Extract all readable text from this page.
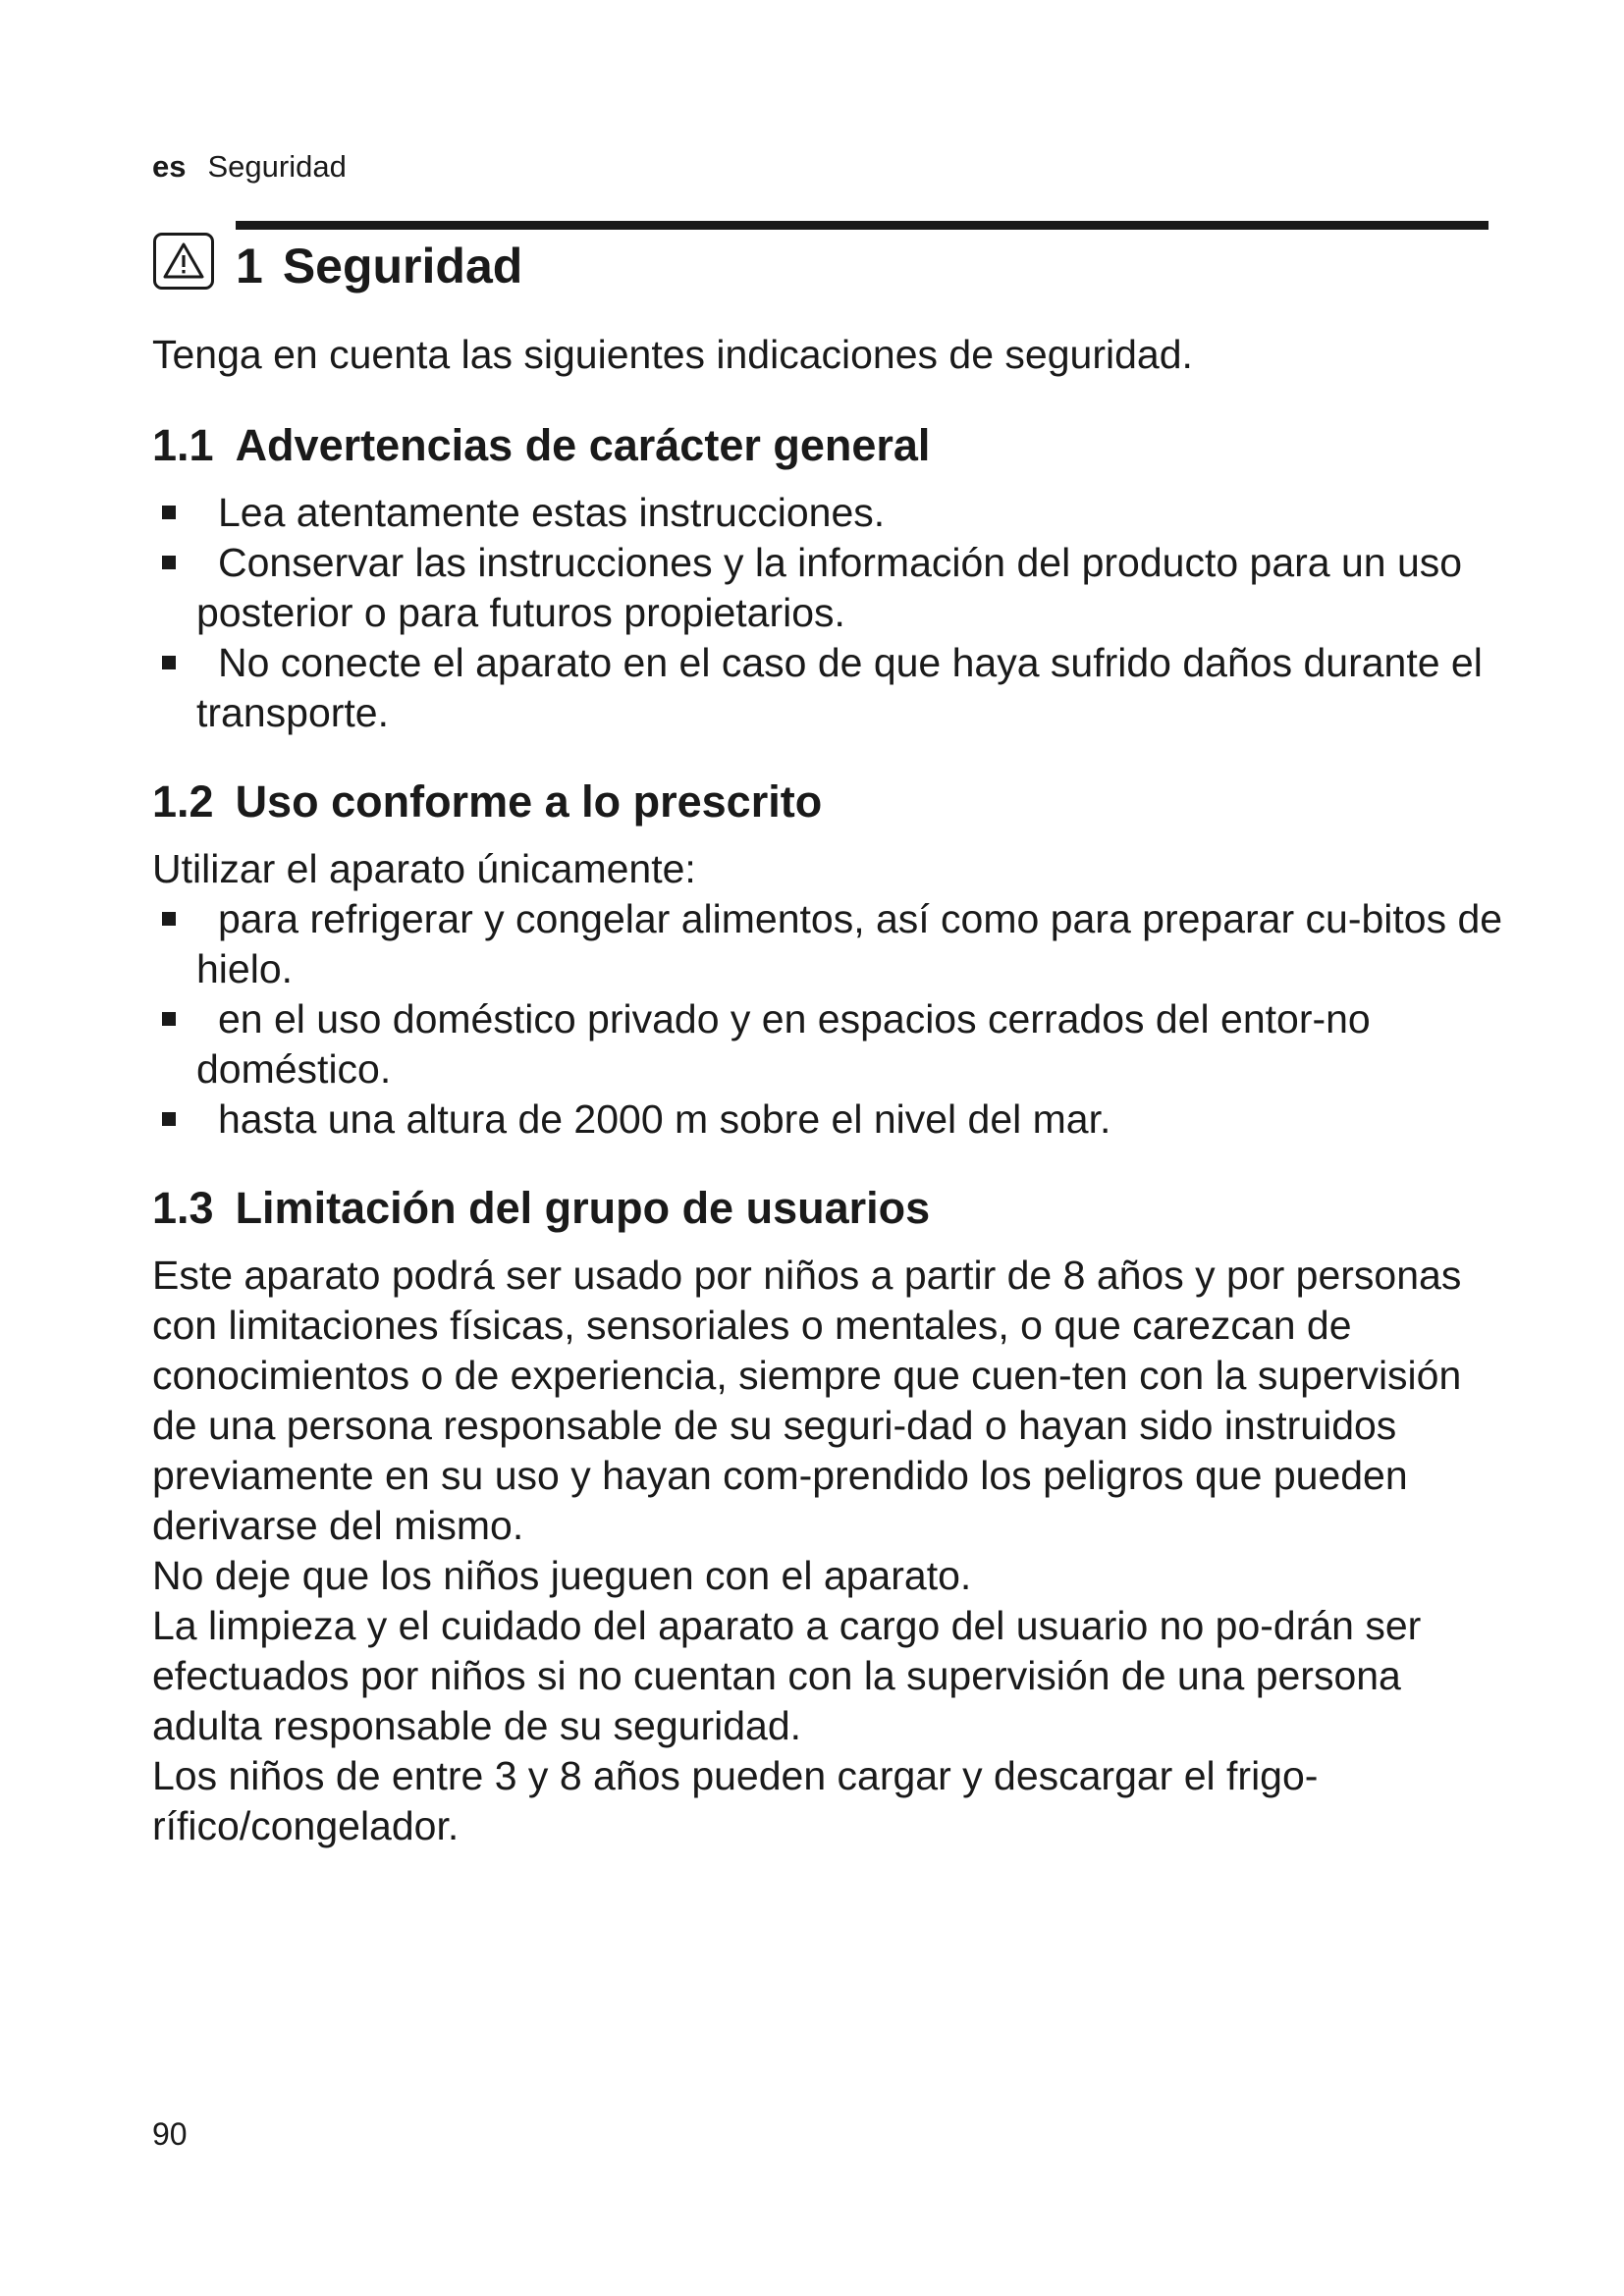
es Seguridad
1 Seguridad

Tenga en cuenta las siguientes indicaciones de seguridad.

1.1 Advertencias de carácter general
Lea atentamente estas instrucciones.
Conservar las instrucciones y la información del producto para un uso posterior o para futuros propietarios.
No conecte el aparato en el caso de que haya sufrido daños durante el transporte.
1.2 Uso conforme a lo prescrito

Utilizar el aparato únicamente:

para refrigerar y congelar alimentos, así como para preparar cu-bitos de hielo.
en el uso doméstico privado y en espacios cerrados del entor-no doméstico.
hasta una altura de 2000 m sobre el nivel del mar.
1.3 Limitación del grupo de usuarios

Este aparato podrá ser usado por niños a partir de 8 años y por personas con limitaciones físicas, sensoriales o mentales, o que carezcan de conocimientos o de experiencia, siempre que cuen-ten con la supervisión de una persona responsable de su seguri-dad o hayan sido instruidos previamente en su uso y hayan com-prendido los peligros que pueden derivarse del mismo.

No deje que los niños jueguen con el aparato.

La limpieza y el cuidado del aparato a cargo del usuario no po-drán ser efectuados por niños si no cuentan con la supervisión de una persona adulta responsable de su seguridad.

Los niños de entre 3 y 8 años pueden cargar y descargar el frigo-rífico/congelador.

90
